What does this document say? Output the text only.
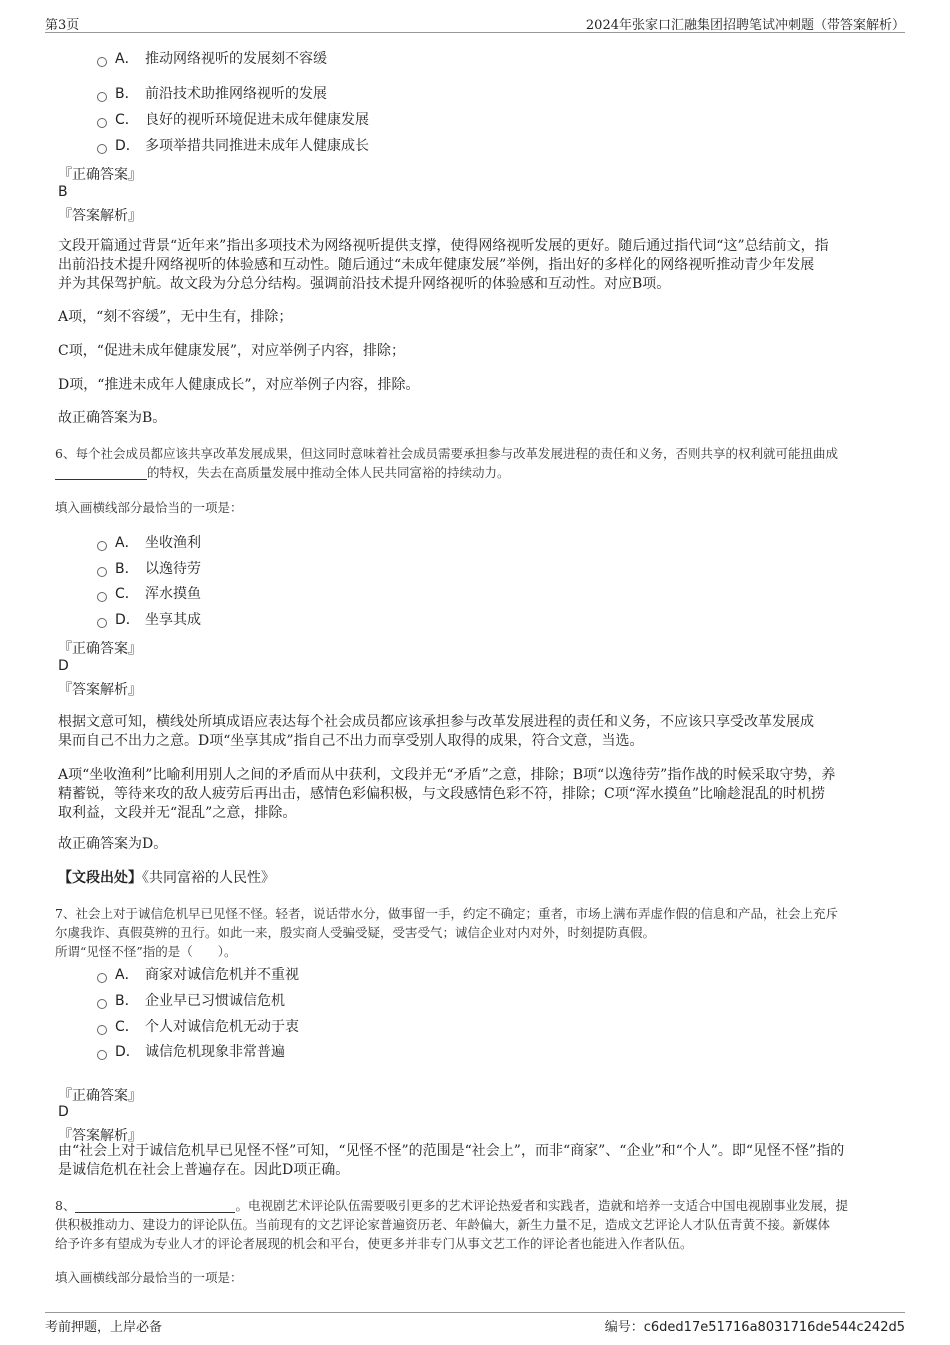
第3页	2024年张家口汇融集团招聘笔试冲刺题（带答案解析）
A． 推动网络视听的发展刻不容缓
B． 前沿技术助推网络视听的发展
C． 良好的视听环境促进未成年健康发展
D． 多项举措共同推进未成年人健康成长
『正确答案』
B
『答案解析』
文段开篇通过背景“近年来”指出多项技术为网络视听提供支撑，使得网络视听发展的更好。随后通过指代词“这”总结前文，指
出前沿技术提升网络视听的体验感和互动性。随后通过“未成年健康发展”举例，指出好的多样化的网络视听推动青少年发展
并为其保驾护航。故文段为分总分结构。强调前沿技术提升网络视听的体验感和互动性。对应B项。
A项，“刻不容缓”，无中生有，排除；
C项，“促进未成年健康发展”，对应举例子内容，排除；
D项，“推进未成年人健康成长”，对应举例子内容，排除。
故正确答案为B。
6、每个社会成员都应该共享改革发展成果，但这同时意味着社会成员需要承担参与改革发展进程的责任和义务，否则共享的权利就可能扭曲成
的特权，失去在高质量发展中推动全体人民共同富裕的持续动力。
填入画横线部分最恰当的一项是：
A． 坐收渔利
B． 以逸待劳
C． 浑水摸鱼
D． 坐享其成
『正确答案』
D
『答案解析』
根据文意可知，横线处所填成语应表达每个社会成员都应该承担参与改革发展进程的责任和义务，不应该只享受改革发展成
果而自己不出力之意。D项“坐享其成”指自己不出力而享受别人取得的成果，符合文意，当选。
A项“坐收渔利”比喻利用别人之间的矛盾而从中获利，文段并无“矛盾”之意，排除；B项“以逸待劳”指作战的时候采取守势，养
精蓄锐，等待来攻的敌人疲劳后再出击，感情色彩偏积极，与文段感情色彩不符，排除；C项“浑水摸鱼”比喻趁混乱的时机捞
取利益，文段并无“混乱”之意，排除。
故正确答案为D。
【文段出处】《共同富裕的人民性》
7、社会上对于诚信危机早已见怪不怪。轻者，说话带水分，做事留一手，约定不确定；重者，市场上满布弄虚作假的信息和产品，社会上充斥
尔虞我诈、真假莫辨的丑行。如此一来，殷实商人受骗受疑，受害受气；诚信企业对内对外，时刻提防真假。
所谓“见怪不怪”指的是（　　）。
A． 商家对诚信危机并不重视
B． 企业早已习惯诚信危机
C． 个人对诚信危机无动于衷
D． 诚信危机现象非常普遍
『正确答案』
D
『答案解析』
由“社会上对于诚信危机早已见怪不怪”可知，“见怪不怪”的范围是“社会上”，而非“商家”、“企业”和“个人”。即“见怪不怪”指的
是诚信危机在社会上普遍存在。因此D项正确。
8、	。电视剧艺术评论队伍需要吸引更多的艺术评论热爱者和实践者，造就和培养一支适合中国电视剧事业发展，提
供积极推动力、建设力的评论队伍。当前现有的文艺评论家普遍资历老、年龄偏大，新生力量不足，造成文艺评论人才队伍青黄不接。新媒体
给予许多有望成为专业人才的评论者展现的机会和平台，使更多并非专门从事文艺工作的评论者也能进入作者队伍。
填入画横线部分最恰当的一项是：
考前押题，上岸必备	编号：c6ded17e51716a8031716de544c242d5
